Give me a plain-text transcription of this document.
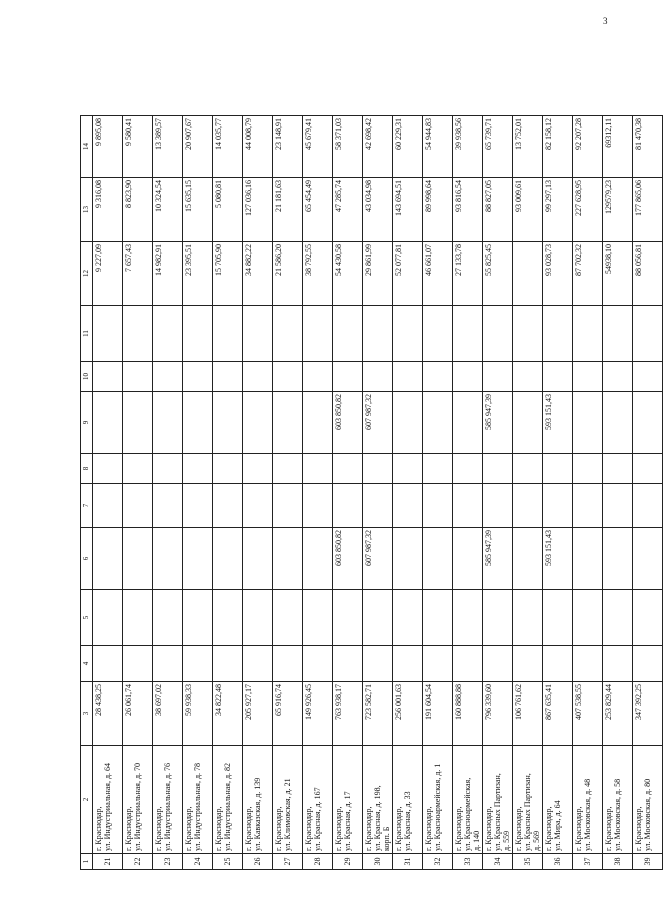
3
1	2	3	4	5	6	7	8	9	10	11	12	13	14
21	г. Краснодар,
ул. Индустриальная, д. 64	28 438,25									9 227,09	9 316,08	9 895,08
22	г. Краснодар,
ул. Индустриальная, д. 70	26 061,74									7 657,43	8 823,90	9 580,41
23	г. Краснодар,
ул. Индустриальная, д. 76	38 697,02									14 982,91	10 324,54	13 389,57
24	г. Краснодар,
ул. Индустриальная, д. 78	59 938,33									23 395,51	15 635,15	20 907,67
25	г. Краснодар,
ул. Индустриальная, д. 82	34 822,48									15 705,90	5 080,81	14 035,77
26	г. Краснодар,
ул. Кавказская, д. 139	205 927,17									34 882,22	127 036,16	44 008,79
27	г. Краснодар,
ул. Климовская, д. 21	65 916,74									21 586,20	21 181,63	23 148,91
28	г. Краснодар,
ул. Красная, д. 167	149 926,45									38 792,55	65 454,49	45 679,41
29	г. Краснодар,
ул. Красная, д. 17	763 938,17			603 850,82			603 850,82			54 430,58	47 285,74	58 371,03
30	г. Краснодар,
ул. Красная, д. 198,
корп. Б	723 582,71			607 987,32			607 987,32			29 861,99	43 034,98	42 698,42
31	г. Краснодар,
ул. Красная, д. 33	256 001,63									52 077,81	143 694,51	60 229,31
32	г. Краснодар,
ул. Красноармейская, д. 1	191 604,54									46 661,07	89 998,64	54 944,83
33	г. Краснодар,
ул. Красноармейская,
д. 140	160 888,88									27 133,78	93 816,54	39 938,56
34	г. Краснодар,
ул. Красных Партизан,
д. 559	796 339,60			585 947,39			585 947,39			55 825,45	88 827,05	65 739,71
35	г. Краснодар,
ул. Красных Партизан,
д. 569	106 761,62										93 009,61	13 752,01
36	г. Краснодар,
ул. Мира, д. 64	867 635,41			593 151,43			593 151,43			93 028,73	99 297,13	82 158,12
37	г. Краснодар,
ул. Московская, д. 48	407 538,55									87 702,32	227 628,95	92 207,28
38	г. Краснодар,
ул. Московская, д. 58	253 829,44									54938,10	129579,23	69312,11
39	г. Краснодар,
ул. Московская, д. 80	347 392,25									88 056,81	177 865,06	81 470,38
